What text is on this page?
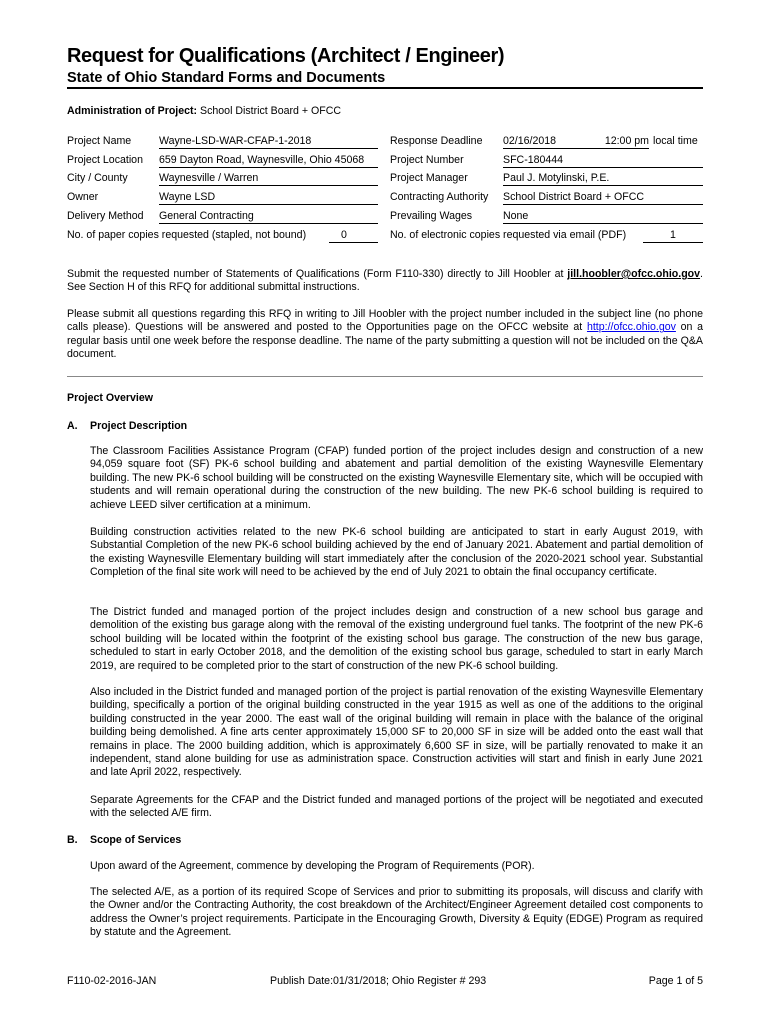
Request for Qualifications (Architect / Engineer)
State of Ohio Standard Forms and Documents
Administration of Project: School District Board + OFCC
Project Name	Wayne-LSD-WAR-CFAP-1-2018
Project Location 659 Dayton Road, Waynesville, Ohio 45068
City / County	Waynesville / Warren
Owner	Wayne LSD
Delivery Method General Contracting
No. of paper copies requested (stapled, not bound)	0
Response Deadline 02/16/2018	12:00 pm local time
Project Number	SFC-180444
Project Manager	Paul J. Motylinski, P.E.
Contracting Authority School District Board + OFCC
Prevailing Wages	None
No. of electronic copies requested via email (PDF)	1
Submit the requested number of Statements of Qualifications (Form F110-330) directly to Jill Hoobler at jill.hoobler@ofcc.ohio.gov. See Section H of this RFQ for additional submittal instructions.
Please submit all questions regarding this RFQ in writing to Jill Hoobler with the project number included in the subject line (no phone calls please). Questions will be answered and posted to the Opportunities page on the OFCC website at http://ofcc.ohio.gov on a regular basis until one week before the response deadline. The name of the party submitting a question will not be included on the Q&A document.
Project Overview
A. Project Description
The Classroom Facilities Assistance Program (CFAP) funded portion of the project includes design and construction of a new 94,059 square foot (SF) PK-6 school building and abatement and partial demolition of the existing Waynesville Elementary building. The new PK-6 school building will be constructed on the existing Waynesville Elementary site, which will be occupied with students and will remain operational during the construction of the new building. The new PK-6 school building is required to achieve LEED silver certification at a minimum.
Building construction activities related to the new PK-6 school building are anticipated to start in early August 2019, with Substantial Completion of the new PK-6 school building achieved by the end of January 2021. Abatement and partial demolition of the existing Waynesville Elementary building will start immediately after the conclusion of the 2020-2021 school year. Substantial Completion of the final site work will need to be achieved by the end of July 2021 to obtain the final occupancy certificate.
The District funded and managed portion of the project includes design and construction of a new school bus garage and demolition of the existing bus garage along with the removal of the existing underground fuel tanks. The footprint of the new PK-6 school building will be located within the footprint of the existing school bus garage. The construction of the new bus garage, scheduled to start in early October 2018, and the demolition of the existing school bus garage, scheduled to start in early March 2019, are required to be completed prior to the start of construction of the new PK-6 school building.
Also included in the District funded and managed portion of the project is partial renovation of the existing Waynesville Elementary building, specifically a portion of the original building constructed in the year 1915 as well as one of the additions to the original building constructed in the year 2000. The east wall of the original building will remain in place with the balance of the original building being demolished. A fine arts center approximately 15,000 SF to 20,000 SF in size will be added onto the east wall that remains in place. The 2000 building addition, which is approximately 6,600 SF in size, will be partially renovated to make it an independent, stand alone building for use as administration space. Construction activities will start and finish in early June 2021 and late April 2022, respectively.
Separate Agreements for the CFAP and the District funded and managed portions of the project will be negotiated and executed with the selected A/E firm.
B. Scope of Services
Upon award of the Agreement, commence by developing the Program of Requirements (POR).
The selected A/E, as a portion of its required Scope of Services and prior to submitting its proposals, will discuss and clarify with the Owner and/or the Contracting Authority, the cost breakdown of the Architect/Engineer Agreement detailed cost components to address the Owner’s project requirements. Participate in the Encouraging Growth, Diversity & Equity (EDGE) Program as required by statute and the Agreement.
F110-02-2016-JAN	Publish Date:01/31/2018; Ohio Register # 293	Page 1 of 5
